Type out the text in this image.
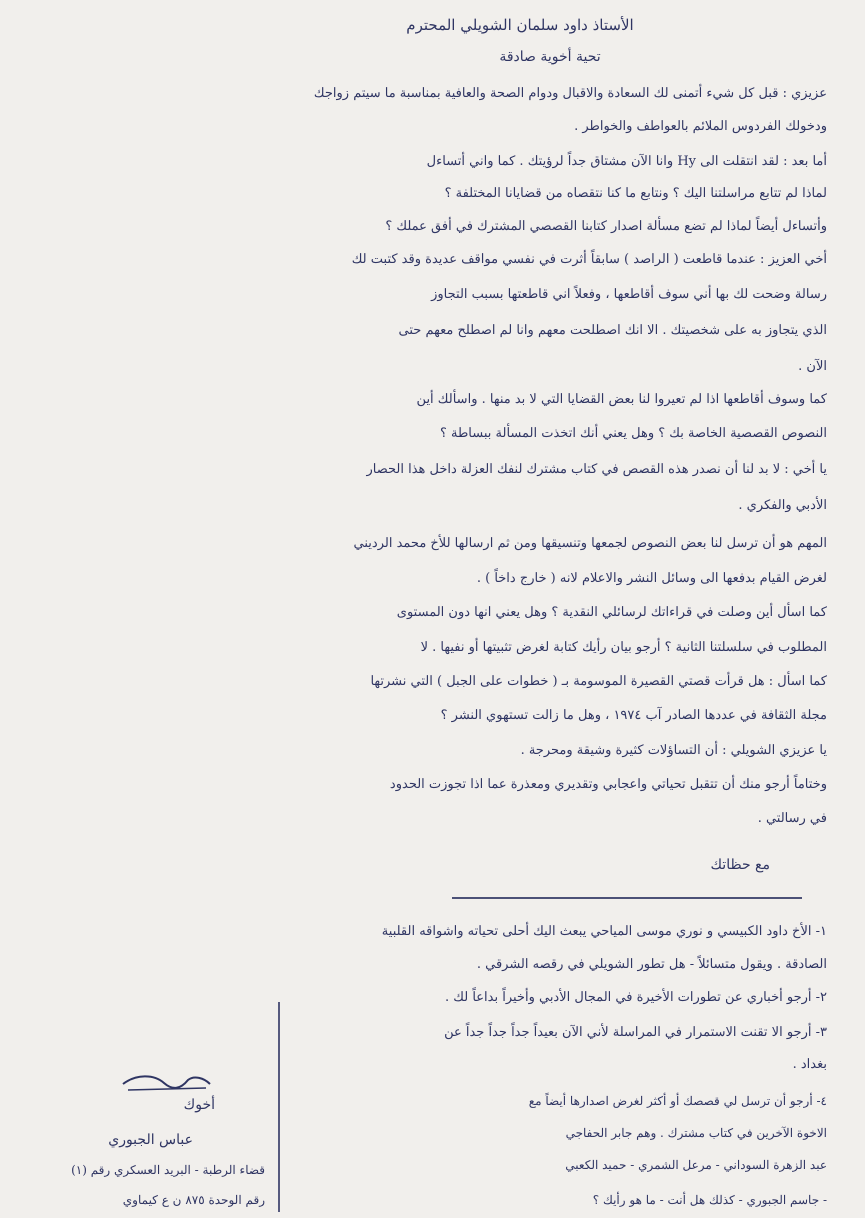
الأستاذ داود سلمان الشويلي المحترم
تحية أخوية صادقة
عزيزي : قبل كل شيء أتمنى لك السعادة والاقبال ودوام الصحة والعافية بمناسبة ما سيتم زواجك
ودخولك الفردوس الملائم بالعواطف والخواطر .
أما بعد : لقد انتقلت الى Hy وانا الآن مشتاق جداً لرؤيتك . كما واني أتساءل
لماذا لم تتابع مراسلتنا اليك ؟ ونتابع ما كنا نتقصاه من قضايانا المختلفة ؟
وأتساءل أيضاً لماذا لم تضع مسألة اصدار كتابنا القصصي المشترك في أفق عملك ؟
أخي العزيز : عندما قاطعت ( الراصد ) سابقاً أثرت في نفسي مواقف عديدة وقد كتبت لك
رسالة وضحت لك بها أني سوف أقاطعها ، وفعلاً اني قاطعتها بسبب التجاوز
الذي يتجاوز به على شخصيتك . الا انك اصطلحت معهم وانا لم اصطلح معهم حتى
الآن .
كما وسوف أقاطعها اذا لم تعيروا لنا بعض القضايا التي لا بد منها . واسألك أين
النصوص القصصية الخاصة بك ؟ وهل يعني أنك اتخذت المسألة ببساطة ؟
يا أخي : لا بد لنا أن نصدر هذه القصص في كتاب مشترك لنفك العزلة داخل هذا الحصار
الأدبي والفكري .
المهم هو أن ترسل لنا بعض النصوص لجمعها وتنسيقها ومن ثم ارسالها للأخ محمد الرديني
لغرض القيام بدفعها الى وسائل النشر والاعلام لانه ( خارج داخاً ) .
كما اسأل أين وصلت في قراءاتك لرسائلي النقدية ؟ وهل يعني انها دون المستوى
المطلوب في سلسلتنا الثانية ؟ أرجو بيان رأيك كتابة لغرض تثبيتها أو نفيها . لا
كما اسأل : هل قرأت قصتي القصيرة الموسومة بـ ( خطوات على الجبل ) التي نشرتها
مجلة الثقافة في عددها الصادر آب ١٩٧٤ ، وهل ما زالت تستهوي النشر ؟
يا عزيزي الشويلي : أن التساؤلات كثيرة وشيقة ومحرجة .
وختاماً أرجو منك أن تتقبل تحياتي واعجابي وتقديري ومعذرة عما اذا تجوزت الحدود
في رسالتي .
مع حظاتك
١- الأخ داود الكبيسي و نوري موسى المياحي يبعث اليك أحلى تحياته واشواقه القلبية
الصادقة . ويقول متسائلاً - هل تطور الشويلي في رقصه الشرقي .
٢- أرجو أخباري عن تطورات الأخيرة في المجال الأدبي وأخيراً بداعاً لك .
٣- أرجو الا تقنت الاستمرار في المراسلة لأني الآن بعيداً جداً جداً جداً عن
بغداد .
٤- أرجو أن ترسل لي قصصك أو أكثر لغرض اصدارها أيضاً مع
الاخوة الآخرين في كتاب مشترك . وهم جابر الحفاجي
عبد الزهرة السوداني - مرعل الشمري - حميد الكعبي
- جاسم الجبوري - كذلك هل أنت - ما هو رأيك ؟
أخوك
عباس الجبوري
قضاء الرطبة - البريد العسكري رقم (١)
رقم الوحدة ٨٧٥ ن ع كيماوي
